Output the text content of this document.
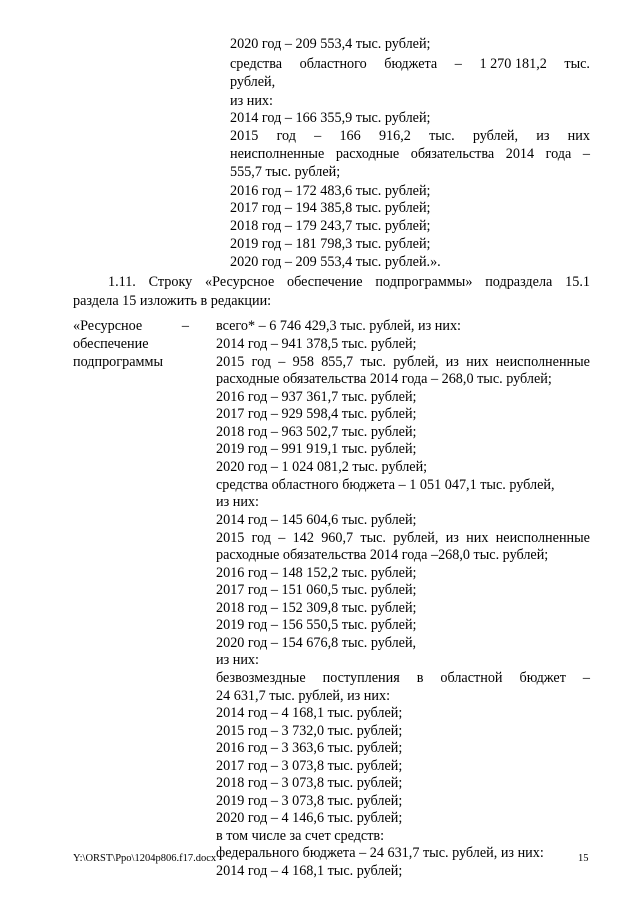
2020 год – 209 553,4 тыс. рублей;
средства областного бюджета – 1 270 181,2 тыс.
рублей,
из них:
2014 год – 166 355,9 тыс. рублей;
2015 год – 166 916,2 тыс. рублей, из них
неисполненные расходные обязательства 2014 года –
555,7 тыс. рублей;
2016 год – 172 483,6 тыс. рублей;
2017 год – 194 385,8 тыс. рублей;
2018 год – 179 243,7 тыс. рублей;
2019 год – 181 798,3 тыс. рублей;
2020 год – 209 553,4 тыс. рублей.».
1.11. Строку «Ресурсное обеспечение подпрограммы» подраздела 15.1
раздела 15 изложить в редакции:
«Ресурсное	–
обеспечение
подпрограммы
всего* – 6 746 429,3 тыс. рублей, из них:
2014 год – 941 378,5 тыс. рублей;
2015 год – 958 855,7 тыс. рублей, из них неисполненные
расходные обязательства 2014 года – 268,0 тыс. рублей;
2016 год – 937 361,7 тыс. рублей;
2017 год – 929 598,4 тыс. рублей;
2018 год – 963 502,7 тыс. рублей;
2019 год – 991 919,1 тыс. рублей;
2020 год – 1 024 081,2 тыс. рублей;
средства областного бюджета – 1 051 047,1 тыс. рублей,
из них:
2014 год – 145 604,6 тыс. рублей;
2015 год – 142 960,7 тыс. рублей, из них неисполненные
расходные обязательства 2014 года –268,0 тыс. рублей;
2016 год – 148 152,2 тыс. рублей;
2017 год – 151 060,5 тыс. рублей;
2018 год – 152 309,8 тыс. рублей;
2019 год – 156 550,5 тыс. рублей;
2020 год – 154 676,8 тыс. рублей,
из них:
безвозмездные поступления в областной бюджет –
24 631,7 тыс. рублей, из них:
2014 год – 4 168,1 тыс. рублей;
2015 год – 3 732,0 тыс. рублей;
2016 год – 3 363,6 тыс. рублей;
2017 год – 3 073,8 тыс. рублей;
2018 год – 3 073,8 тыс. рублей;
2019 год – 3 073,8 тыс. рублей;
2020 год – 4 146,6 тыс. рублей;
в том числе за счет средств:
федерального бюджета – 24 631,7 тыс. рублей, из них:
2014 год – 4 168,1 тыс. рублей;
Y:\ORST\Ppo\1204p806.f17.docx	15
